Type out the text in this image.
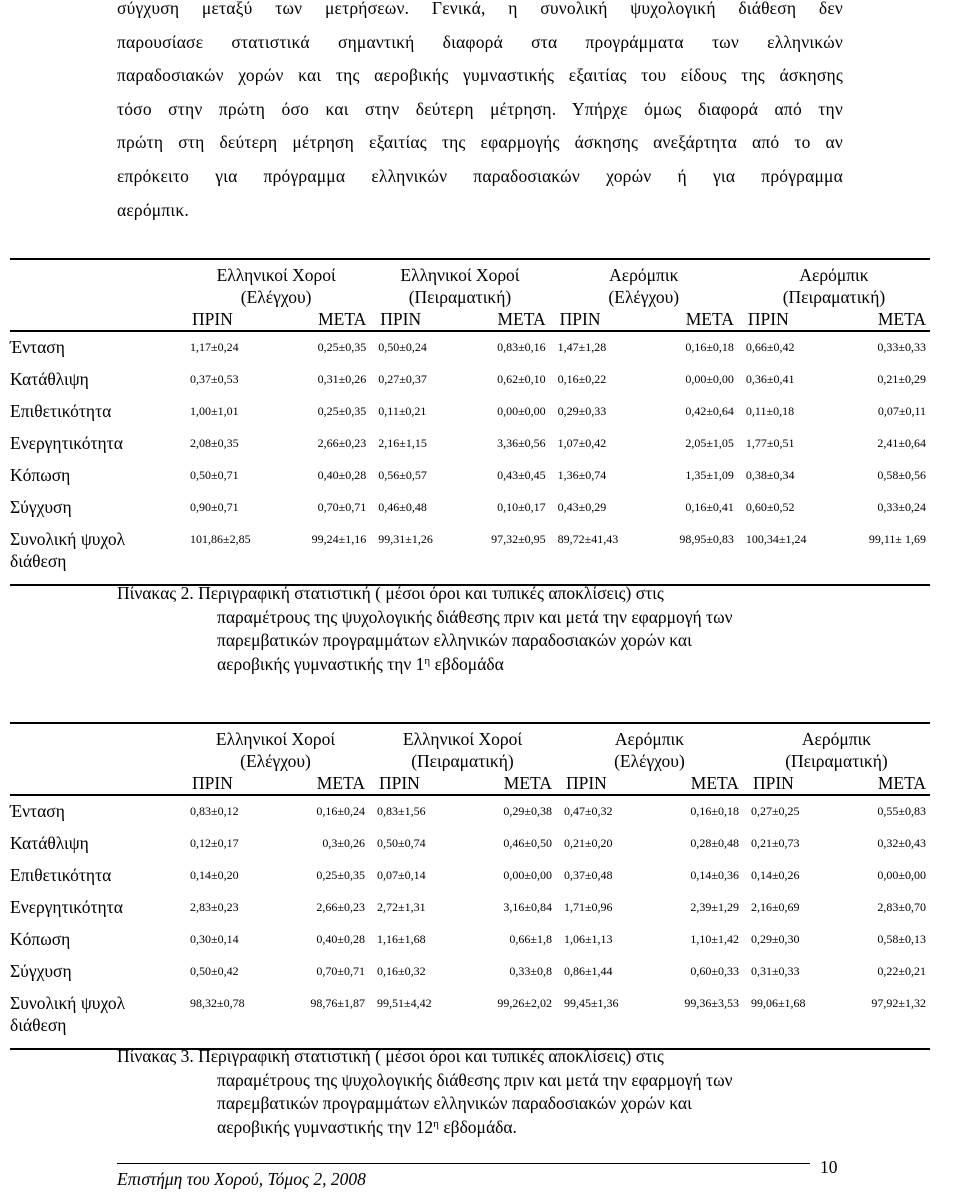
σύγχυση μεταξύ των μετρήσεων. Γενικά, η συνολική ψυχολογική διάθεση δεν
παρουσίασε στατιστικά σημαντική διαφορά στα προγράμματα των ελληνικών
παραδοσιακών χορών και της αεροβικής γυμναστικής εξαιτίας του είδους της άσκησης
τόσο στην πρώτη όσο και στην δεύτερη μέτρηση. Υπήρχε όμως διαφορά από την
πρώτη στη δεύτερη μέτρηση εξαιτίας της εφαρμογής άσκησης ανεξάρτητα από το αν
επρόκειτο για πρόγραμμα ελληνικών παραδοσιακών χορών ή για πρόγραμμα
αερόμπικ.
	Ελληνικοί Χοροί		Ελληνικοί Χοροί		Αερόμπικ		Αερόμπικ	
	(Ελέγχου)		(Πειραματική)		(Ελέγχου)		(Πειραματική)	
	ΠΡΙΝ	ΜΕΤΑ	ΠΡΙΝ	ΜΕΤΑ	ΠΡΙΝ	ΜΕΤΑ	ΠΡΙΝ	ΜΕΤΑ

Ένταση	1,17±0,24	0,25±0,35	0,50±0,24	0,83±0,16	1,47±1,28	0,16±0,18	0,66±0,42	0,33±0,33

Κατάθλιψη	0,37±0,53	0,31±0,26	0,27±0,37	0,62±0,10	0,16±0,22	0,00±0,00	0,36±0,41	0,21±0,29

Επιθετικότητα	1,00±1,01	0,25±0,35	0,11±0,21	0,00±0,00	0,29±0,33	0,42±0,64	0,11±0,18	0,07±0,11

Ενεργητικότητα	2,08±0,35	2,66±0,23	2,16±1,15	3,36±0,56	1,07±0,42	2,05±1,05	1,77±0,51	2,41±0,64

Κόπωση	0,50±0,71	0,40±0,28	0,56±0,57	0,43±0,45	1,36±0,74	1,35±1,09	0,38±0,34	0,58±0,56

Σύγχυση	0,90±0,71	0,70±0,71	0,46±0,48	0,10±0,17	0,43±0,29	0,16±0,41	0,60±0,52	0,33±0,24

Συνολική ψυχολ
διάθεση	101,86±2,85	99,24±1,16	99,31±1,26	97,32±0,95	89,72±41,43	98,95±0,83	100,34±1,24	99,11± 1,69
Πίνακας 2. Περιγραφική στατιστική ( μέσοι όροι και τυπικές αποκλίσεις) στις
παραμέτρους της ψυχολογικής διάθεσης πριν και μετά την εφαρμογή των
παρεμβατικών προγραμμάτων ελληνικών παραδοσιακών χορών και
αεροβικής γυμναστικής την $1^\eta$ εβδομάδα
	Ελληνικοί Χοροί		Ελληνικοί Χοροί		Αερόμπικ		Αερόμπικ	
	(Ελέγχου)		(Πειραματική)		(Ελέγχου)		(Πειραματική)	
	ΠΡΙΝ	ΜΕΤΑ	ΠΡΙΝ	ΜΕΤΑ	ΠΡΙΝ	ΜΕΤΑ	ΠΡΙΝ	ΜΕΤΑ

Ένταση	0,83±0,12	0,16±0,24	0,83±1,56	0,29±0,38	0,47±0,32	0,16±0,18	0,27±0,25	0,55±0,83

Κατάθλιψη	0,12±0,17	0,3±0,26	0,50±0,74	0,46±0,50	0,21±0,20	0,28±0,48	0,21±0,73	0,32±0,43

Επιθετικότητα	0,14±0,20	0,25±0,35	0,07±0,14	0,00±0,00	0,37±0,48	0,14±0,36	0,14±0,26	0,00±0,00

Ενεργητικότητα	2,83±0,23	2,66±0,23	2,72±1,31	3,16±0,84	1,71±0,96	2,39±1,29	2,16±0,69	2,83±0,70

Κόπωση	0,30±0,14	0,40±0,28	1,16±1,68	0,66±1,8	1,06±1,13	1,10±1,42	0,29±0,30	0,58±0,13

Σύγχυση	0,50±0,42	0,70±0,71	0,16±0,32	0,33±0,8	0,86±1,44	0,60±0,33	0,31±0,33	0,22±0,21

Συνολική ψυχολ
διάθεση	98,32±0,78	98,76±1,87	99,51±4,42	99,26±2,02	99,45±1,36	99,36±3,53	99,06±1,68	97,92±1,32
Πίνακας 3. Περιγραφική στατιστική ( μέσοι όροι και τυπικές αποκλίσεις) στις
παραμέτρους της ψυχολογικής διάθεσης πριν και μετά την εφαρμογή των
παρεμβατικών προγραμμάτων ελληνικών παραδοσιακών χορών και
αεροβικής γυμναστικής την $12^\eta$ εβδομάδα.
Επιστήμη του Χορού, Τόμος 2, 2008
10
